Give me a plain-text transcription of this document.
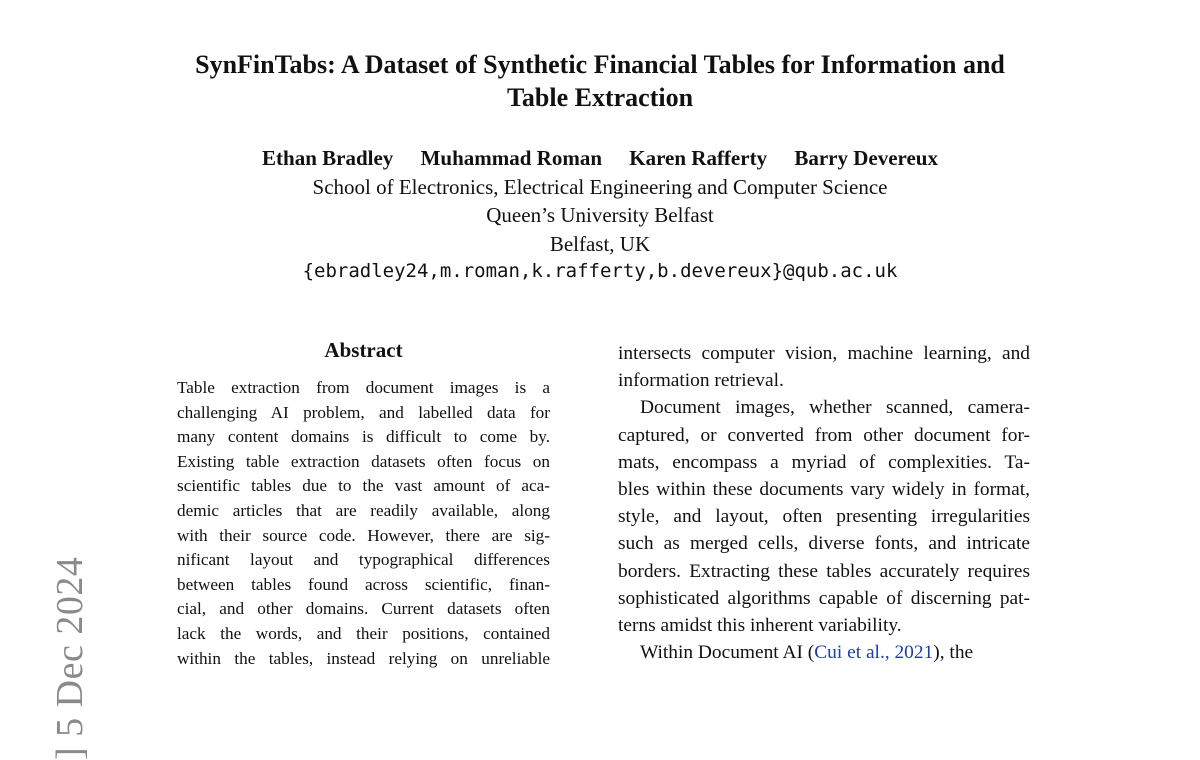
] 5 Dec 2024
SynFinTabs: A Dataset of Synthetic Financial Tables for Information and
Table Extraction
Ethan Bradley Muhammad Roman Karen Rafferty Barry Devereux
School of Electronics, Electrical Engineering and Computer Science
Queen’s University Belfast
Belfast, UK
{ebradley24,m.roman,k.rafferty,b.devereux}@qub.ac.uk
Abstract
Table extraction from document images is a
challenging AI problem, and labelled data for
many content domains is difficult to come by.
Existing table extraction datasets often focus on
scientific tables due to the vast amount of aca-
demic articles that are readily available, along
with their source code. However, there are sig-
nificant layout and typographical differences
between tables found across scientific, finan-
cial, and other domains. Current datasets often
lack the words, and their positions, contained
within the tables, instead relying on unreliable
intersects computer vision, machine learning, and
information retrieval.
Document images, whether scanned, camera-
captured, or converted from other document for-
mats, encompass a myriad of complexities. Ta-
bles within these documents vary widely in format,
style, and layout, often presenting irregularities
such as merged cells, diverse fonts, and intricate
borders. Extracting these tables accurately requires
sophisticated algorithms capable of discerning pat-
terns amidst this inherent variability.
Within Document AI (Cui et al., 2021), the
